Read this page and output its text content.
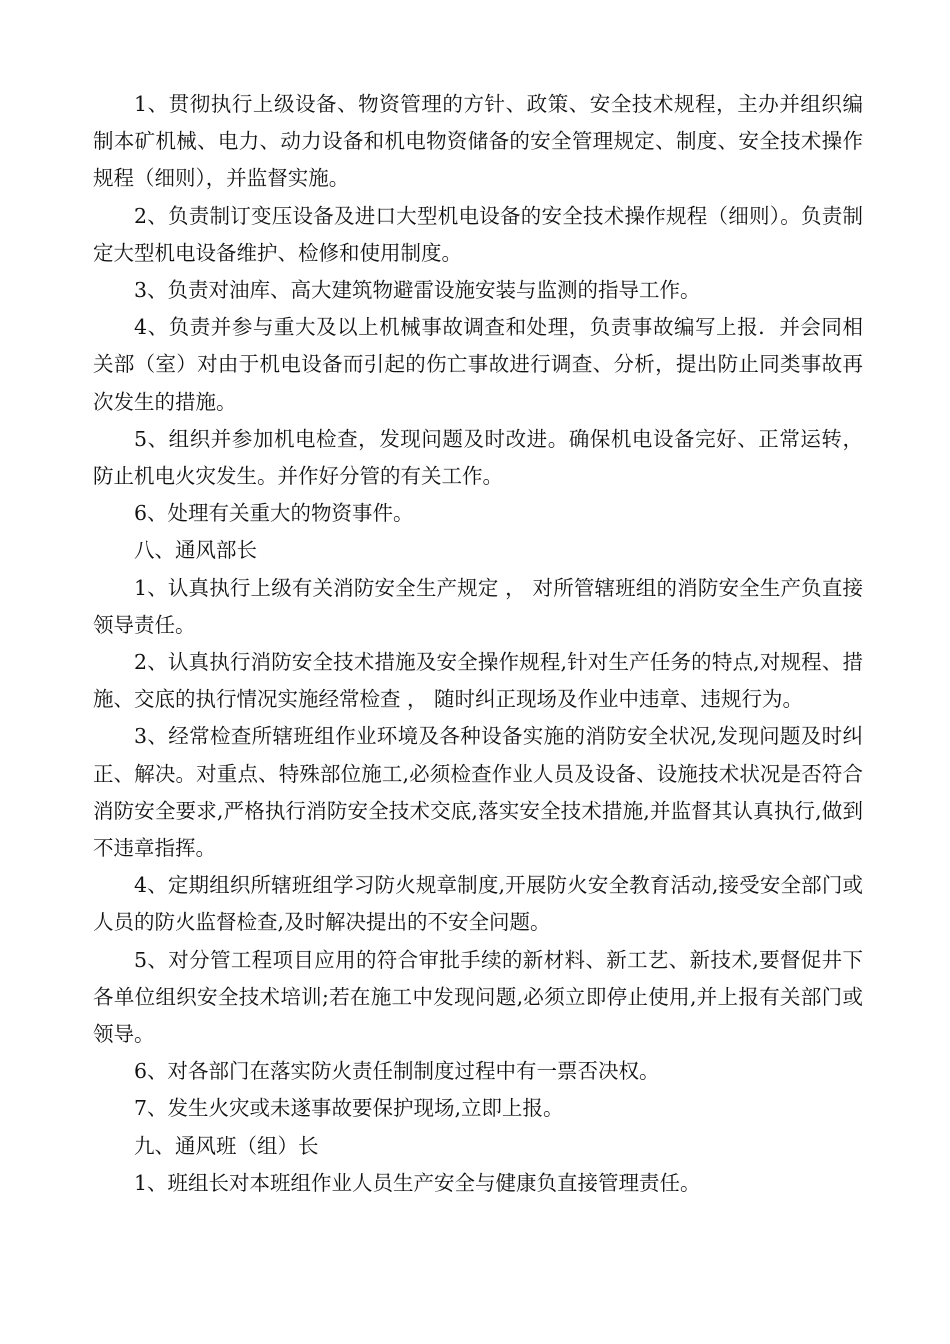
1、贯彻执行上级设备、物资管理的方针、政策、安全技术规程，主办并组织编制本矿机械、电力、动力设备和机电物资储备的安全管理规定、制度、安全技术操作规程（细则），并监督实施。

2、负责制订变压设备及进口大型机电设备的安全技术操作规程（细则）。负责制定大型机电设备维护、检修和使用制度。

3、负责对油库、高大建筑物避雷设施安装与监测的指导工作。

4、负责并参与重大及以上机械事故调查和处理，负责事故编写上报．并会同相关部（室）对由于机电设备而引起的伤亡事故进行调查、分析，提出防止同类事故再次发生的措施。

5、组织并参加机电检查，发现问题及时改进。确保机电设备完好、正常运转，防止机电火灾发生。并作好分管的有关工作。

6、处理有关重大的物资事件。

八、通风部长

1、认真执行上级有关消防安全生产规定 ， 对所管辖班组的消防安全生产负直接领导责任。

2、认真执行消防安全技术措施及安全操作规程,针对生产任务的特点,对规程、措施、交底的执行情况实施经常检查 ， 随时纠正现场及作业中违章、违规行为。

3、经常检查所辖班组作业环境及各种设备实施的消防安全状况,发现问题及时纠正、解决。对重点、特殊部位施工,必须检查作业人员及设备、设施技术状况是否符合消防安全要求,严格执行消防安全技术交底,落实安全技术措施,并监督其认真执行,做到不违章指挥。

4、定期组织所辖班组学习防火规章制度,开展防火安全教育活动,接受安全部门或人员的防火监督检查,及时解决提出的不安全问题。

5、对分管工程项目应用的符合审批手续的新材料、新工艺、新技术,要督促井下各单位组织安全技术培训;若在施工中发现问题,必须立即停止使用,并上报有关部门或领导。

6、对各部门在落实防火责任制制度过程中有一票否决权。

7、发生火灾或未遂事故要保护现场,立即上报。

九、通风班（组）长

1、班组长对本班组作业人员生产安全与健康负直接管理责任。
